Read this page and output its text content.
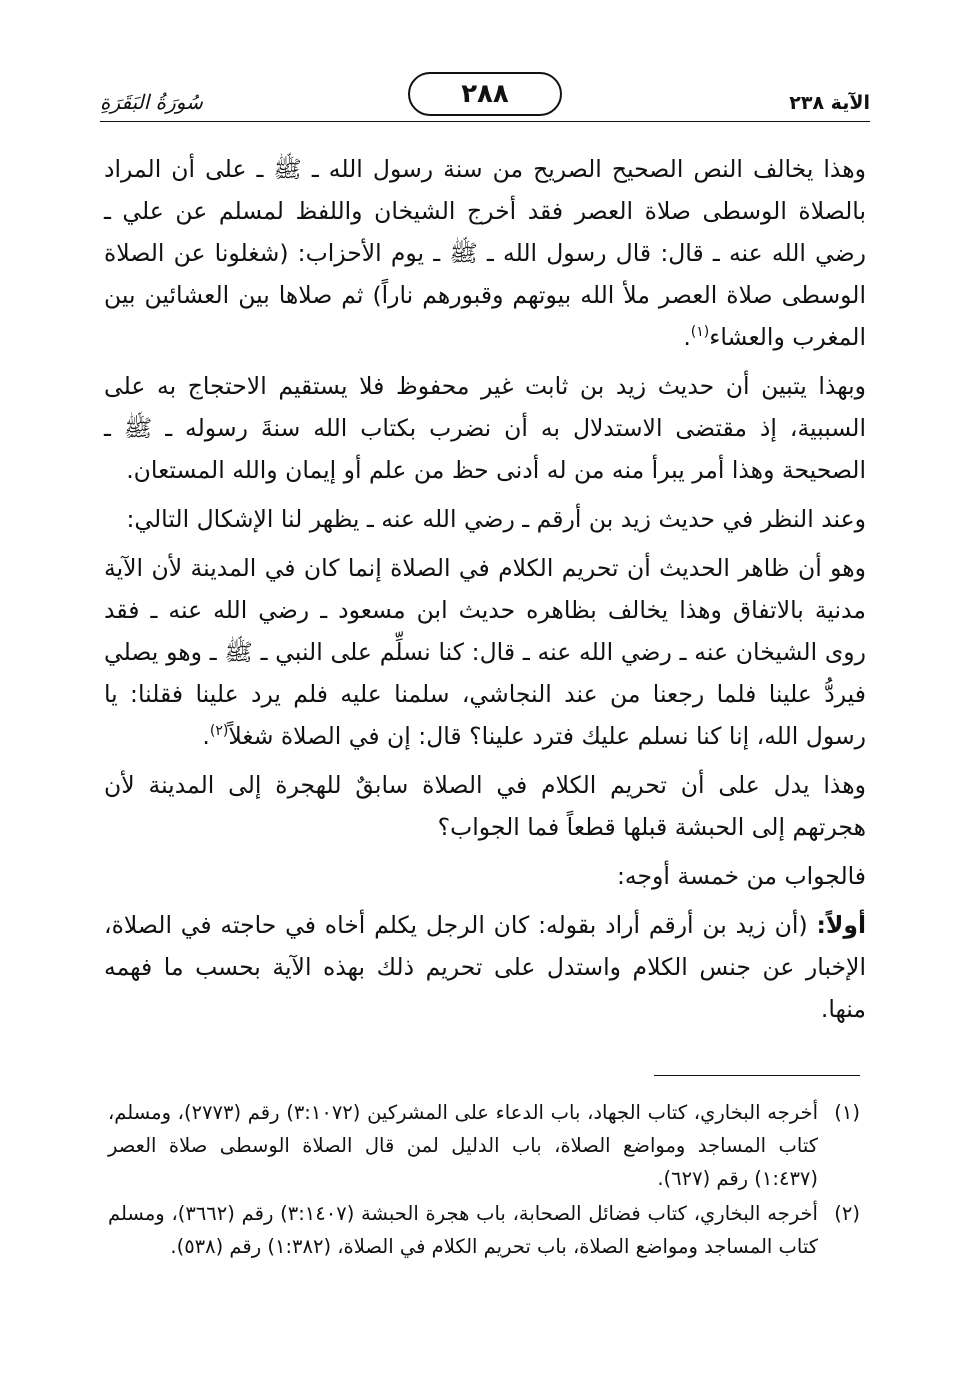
الآية ٢٣٨
٢٨٨
سُورَةُ البَقَرَةِ

وهذا يخالف النص الصحيح الصريح من سنة رسول الله ـ ﷺ ـ على أن المراد بالصلاة الوسطى صلاة العصر فقد أخرج الشيخان واللفظ لمسلم عن علي ـ رضي الله عنه ـ قال: قال رسول الله ـ ﷺ ـ يوم الأحزاب: (شغلونا عن الصلاة الوسطى صلاة العصر ملأ الله بيوتهم وقبورهم ناراً) ثم صلاها بين العشائين بين المغرب والعشاء$^{(١)}$.

وبهذا يتبين أن حديث زيد بن ثابت غير محفوظ فلا يستقيم الاحتجاج به على السببية، إذ مقتضى الاستدلال به أن نضرب بكتاب الله سنةَ رسوله ـ ﷺ ـ الصحيحة وهذا أمر يبرأ منه من له أدنى حظ من علم أو إيمان والله المستعان.

وعند النظر في حديث زيد بن أرقم ـ رضي الله عنه ـ يظهر لنا الإشكال التالي:

وهو أن ظاهر الحديث أن تحريم الكلام في الصلاة إنما كان في المدينة لأن الآية مدنية بالاتفاق وهذا يخالف بظاهره حديث ابن مسعود ـ رضي الله عنه ـ فقد روى الشيخان عنه ـ رضي الله عنه ـ قال: كنا نسلِّم على النبي ـ ﷺ ـ وهو يصلي فيردُّ علينا فلما رجعنا من عند النجاشي، سلمنا عليه فلم يرد علينا فقلنا: يا رسول الله، إنا كنا نسلم عليك فترد علينا؟ قال: إن في الصلاة شغلاً$^{(٢)}$.

وهذا يدل على أن تحريم الكلام في الصلاة سابقٌ للهجرة إلى المدينة لأن هجرتهم إلى الحبشة قبلها قطعاً فما الجواب؟

فالجواب من خمسة أوجه:

أولاً: (أن زيد بن أرقم أراد بقوله: كان الرجل يكلم أخاه في حاجته في الصلاة، الإخبار عن جنس الكلام واستدل على تحريم ذلك بهذه الآية بحسب ما فهمه منها.

(١)
أخرجه البخاري، كتاب الجهاد، باب الدعاء على المشركين (٣:١٠٧٢) رقم (٢٧٧٣)، ومسلم، كتاب المساجد ومواضع الصلاة، باب الدليل لمن قال الصلاة الوسطى صلاة العصر (١:٤٣٧) رقم (٦٢٧).
(٢)
أخرجه البخاري، كتاب فضائل الصحابة، باب هجرة الحبشة (٣:١٤٠٧) رقم (٣٦٦٢)، ومسلم كتاب المساجد ومواضع الصلاة، باب تحريم الكلام في الصلاة، (١:٣٨٢) رقم (٥٣٨).
